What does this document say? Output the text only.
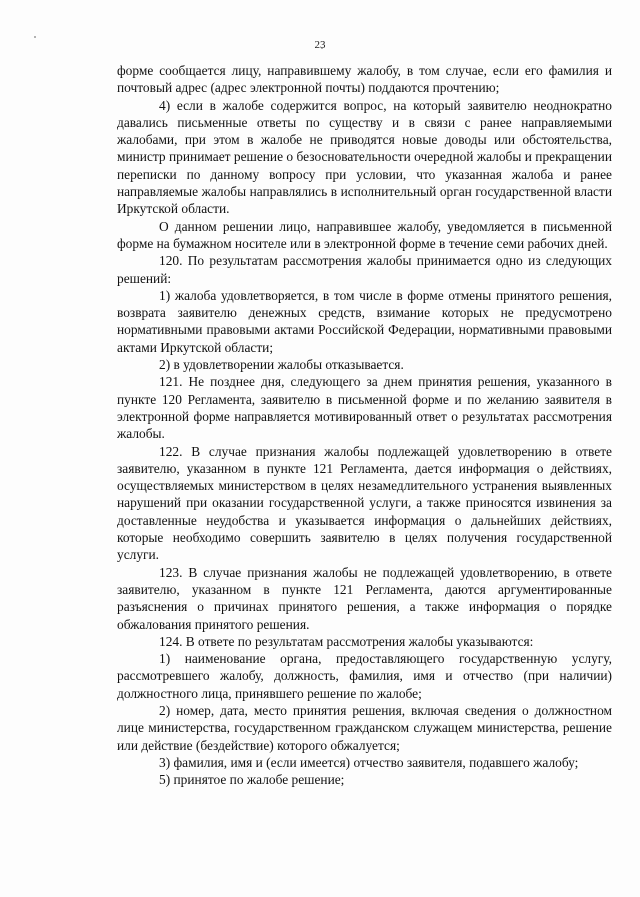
23

форме сообщается лицу, направившему жалобу, в том случае, если его фамилия и почтовый адрес (адрес электронной почты) поддаются прочтению;

4) если в жалобе содержится вопрос, на который заявителю неоднократно давались письменные ответы по существу и в связи с ранее направляемыми жалобами, при этом в жалобе не приводятся новые доводы или обстоятельства, министр принимает решение о безосновательности очередной жалобы и прекращении переписки по данному вопросу при условии, что указанная жалоба и ранее направляемые жалобы направлялись в исполнительный орган государственной власти Иркутской области.

О данном решении лицо, направившее жалобу, уведомляется в письменной форме на бумажном носителе или в электронной форме в течение семи рабочих дней.

120. По результатам рассмотрения жалобы принимается одно из следующих решений:

1) жалоба удовлетворяется, в том числе в форме отмены принятого решения, возврата заявителю денежных средств, взимание которых не предусмотрено нормативными правовыми актами Российской Федерации, нормативными правовыми актами Иркутской области;

2) в удовлетворении жалобы отказывается.

121. Не позднее дня, следующего за днем принятия решения, указанного в пункте 120 Регламента, заявителю в письменной форме и по желанию заявителя в электронной форме направляется мотивированный ответ о результатах рассмотрения жалобы.

122. В случае признания жалобы подлежащей удовлетворению в ответе заявителю, указанном в пункте 121 Регламента, дается информация о действиях, осуществляемых министерством в целях незамедлительного устранения выявленных нарушений при оказании государственной услуги, а также приносятся извинения за доставленные неудобства и указывается информация о дальнейших действиях, которые необходимо совершить заявителю в целях получения государственной услуги.

123. В случае признания жалобы не подлежащей удовлетворению, в ответе заявителю, указанном в пункте 121 Регламента, даются аргументированные разъяснения о причинах принятого решения, а также информация о порядке обжалования принятого решения.

124. В ответе по результатам рассмотрения жалобы указываются:

1) наименование органа, предоставляющего государственную услугу, рассмотревшего жалобу, должность, фамилия, имя и отчество (при наличии) должностного лица, принявшего решение по жалобе;

2) номер, дата, место принятия решения, включая сведения о должностном лице министерства, государственном гражданском служащем министерства, решение или действие (бездействие) которого обжалуется;

3) фамилия, имя и (если имеется) отчество заявителя, подавшего жалобу;

5) принятое по жалобе решение;
